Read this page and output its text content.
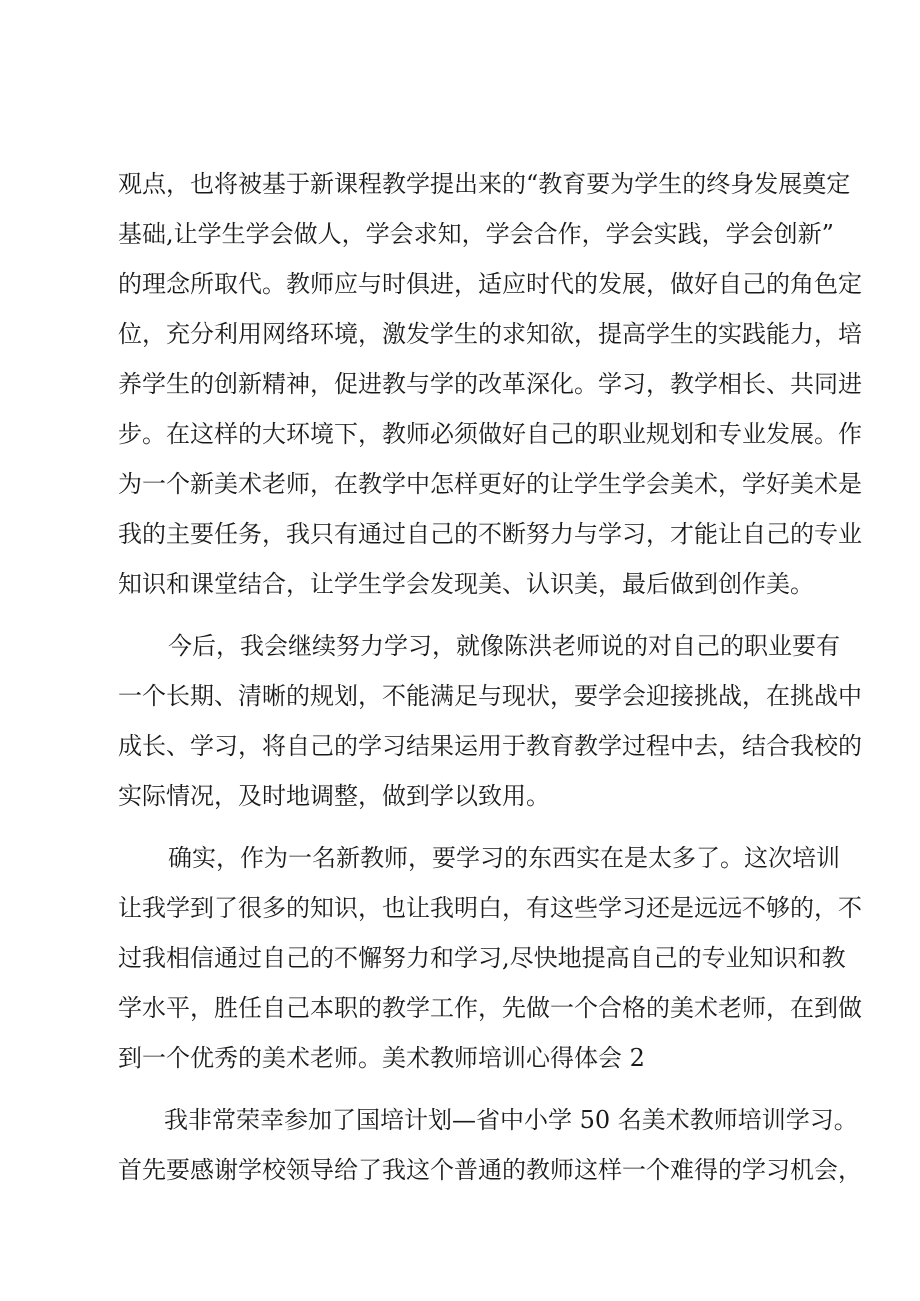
观点，也将被基于新课程教学提出来的“教育要为学生的终身发展奠定
基础,让学生学会做人，学会求知，学会合作，学会实践，学会创新”
的理念所取代。教师应与时俱进，适应时代的发展，做好自己的角色定
位，充分利用网络环境，激发学生的求知欲，提高学生的实践能力，培
养学生的创新精神，促进教与学的改革深化。学习，教学相长、共同进
步。在这样的大环境下，教师必须做好自己的职业规划和专业发展。作
为一个新美术老师，在教学中怎样更好的让学生学会美术，学好美术是
我的主要任务，我只有通过自己的不断努力与学习，才能让自己的专业
知识和课堂结合，让学生学会发现美、认识美，最后做到创作美。
今后，我会继续努力学习，就像陈洪老师说的对自己的职业要有
一个长期、清晰的规划，不能满足与现状，要学会迎接挑战，在挑战中
成长、学习，将自己的学习结果运用于教育教学过程中去，结合我校的
实际情况，及时地调整，做到学以致用。
确实，作为一名新教师，要学习的东西实在是太多了。这次培训
让我学到了很多的知识，也让我明白，有这些学习还是远远不够的，不
过我相信通过自己的不懈努力和学习,尽快地提高自己的专业知识和教
学水平，胜任自己本职的教学工作，先做一个合格的美术老师，在到做
到一个优秀的美术老师。美术教师培训心得体会 2
我非常荣幸参加了国培计划—省中小学 50 名美术教师培训学习。
首先要感谢学校领导给了我这个普通的教师这样一个难得的学习机会，
